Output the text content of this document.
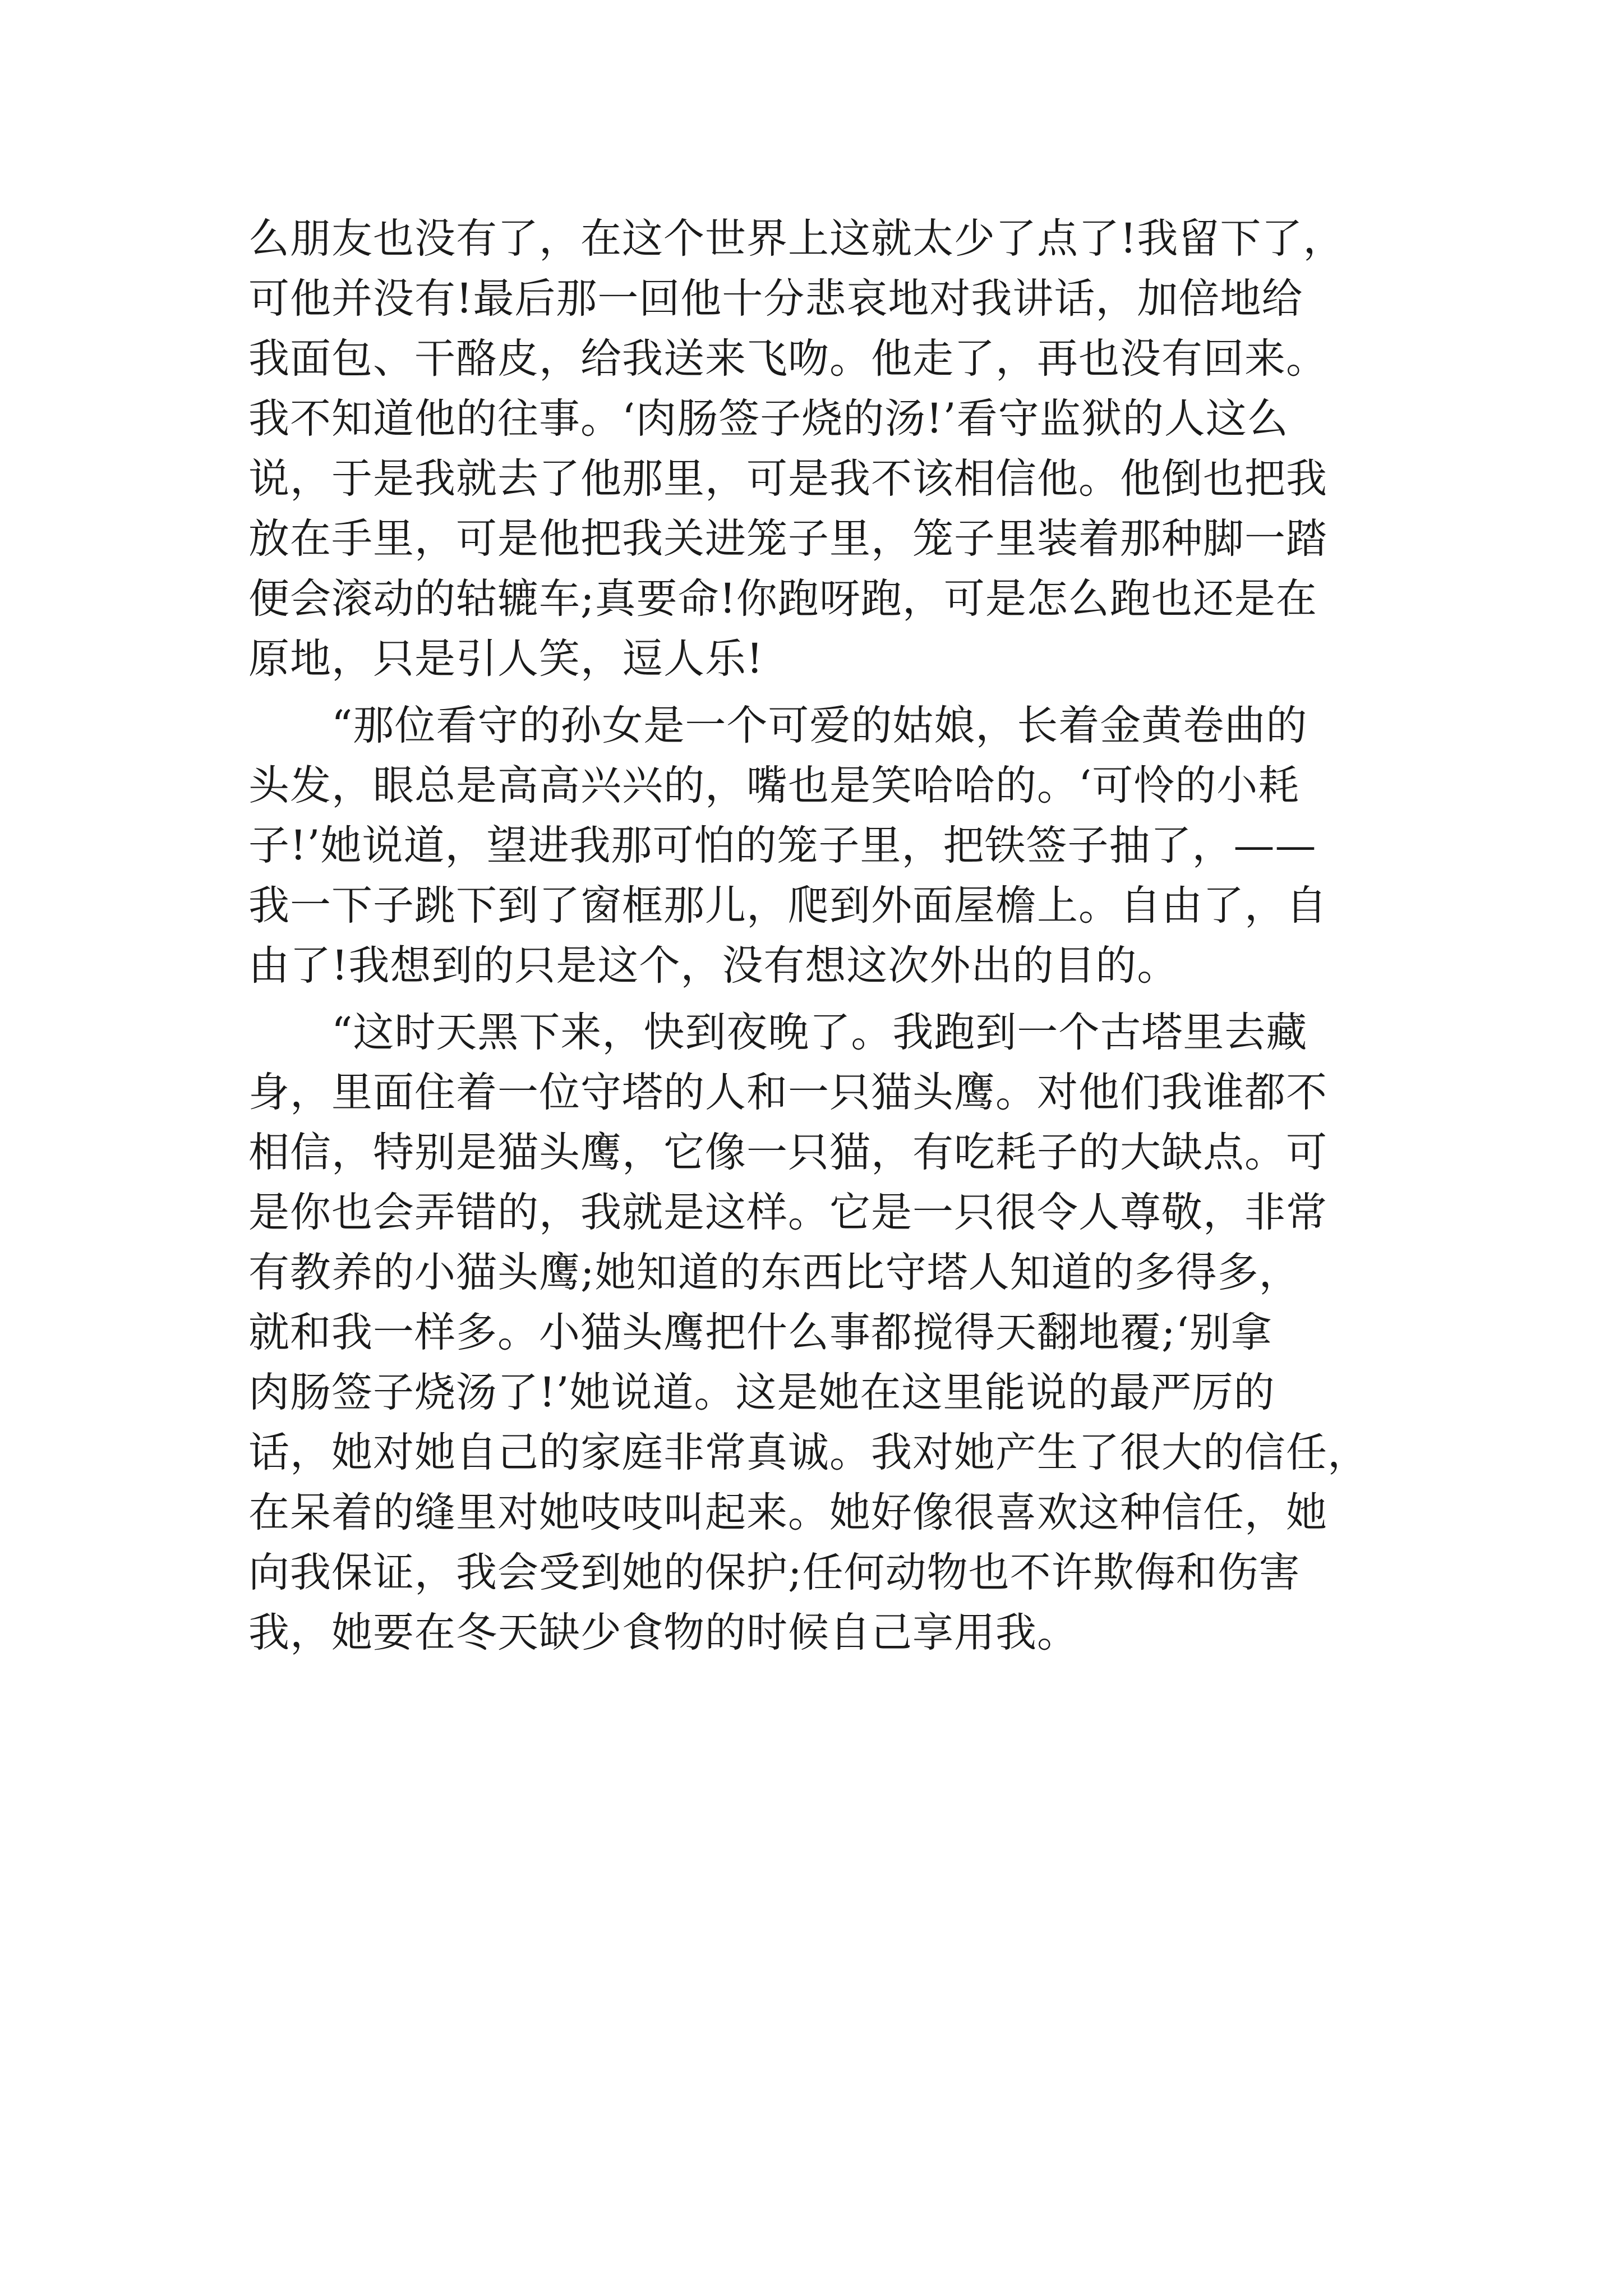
么朋友也没有了，在这个世界上这就太少了点了!我留下了，
可他并没有!最后那一回他十分悲哀地对我讲话，加倍地给
我面包、干酪皮，给我送来飞吻。他走了，再也没有回来。
我不知道他的往事。‘肉肠签子烧的汤!’看守监狱的人这么
说，于是我就去了他那里，可是我不该相信他。他倒也把我
放在手里，可是他把我关进笼子里，笼子里装着那种脚一踏
便会滚动的轱辘车;真要命!你跑呀跑，可是怎么跑也还是在
原地，只是引人笑，逗人乐!
　　“那位看守的孙女是一个可爱的姑娘，长着金黄卷曲的
头发，眼总是高高兴兴的，嘴也是笑哈哈的。‘可怜的小耗
子!’她说道，望进我那可怕的笼子里，把铁签子抽了，——
我一下子跳下到了窗框那儿，爬到外面屋檐上。自由了，自
由了!我想到的只是这个，没有想这次外出的目的。
　　“这时天黑下来，快到夜晚了。我跑到一个古塔里去藏
身，里面住着一位守塔的人和一只猫头鹰。对他们我谁都不
相信，特别是猫头鹰，它像一只猫，有吃耗子的大缺点。可
是你也会弄错的，我就是这样。它是一只很令人尊敬，非常
有教养的小猫头鹰;她知道的东西比守塔人知道的多得多，
就和我一样多。小猫头鹰把什么事都搅得天翻地覆;‘别拿
肉肠签子烧汤了!’她说道。这是她在这里能说的最严厉的
话，她对她自己的家庭非常真诚。我对她产生了很大的信任，
在呆着的缝里对她吱吱叫起来。她好像很喜欢这种信任，她
向我保证，我会受到她的保护;任何动物也不许欺侮和伤害
我，她要在冬天缺少食物的时候自己享用我。
